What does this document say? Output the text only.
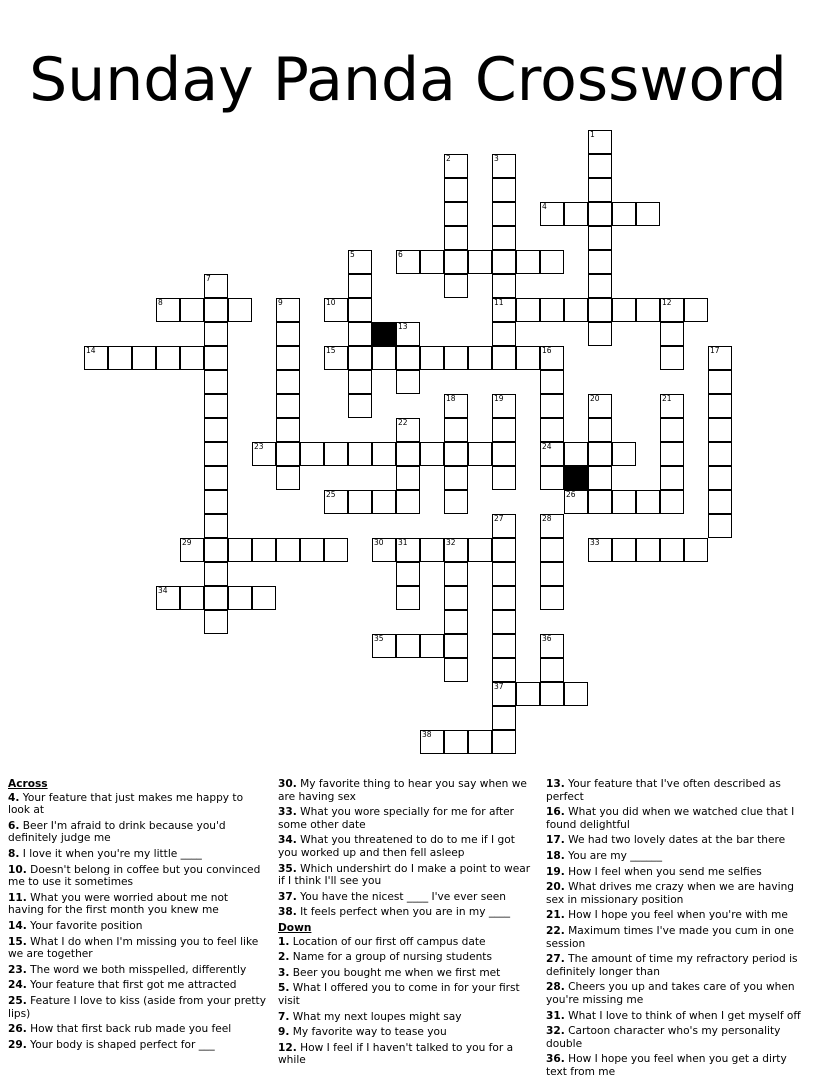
Sunday Panda Crossword
1
2	3
11
4
5	6
7
8	9	10	12
13
14	15	16
24
17
18	19	20	21
22
23
25	26
27
37
28
29	30 31	32	33
34
35	36
38
Across
4. Your feature that just makes me happy to look at
6. Beer I'm afraid to drink because you'd definitely judge me
8. I love it when you're my little ____
10. Doesn't belong in coffee but you convinced me to use it sometimes
11. What you were worried about me not having for the first month you knew me
14. Your favorite position
15. What I do when I'm missing you to feel like we are together
23. The word we both misspelled, differently
24. Your feature that first got me attracted
25. Feature I love to kiss (aside from your pretty lips)
26. How that first back rub made you feel
29. Your body is shaped perfect for ___
30. My favorite thing to hear you say when we are having sex
33. What you wore specially for me for after some other date
34. What you threatened to do to me if I got you worked up and then fell asleep
35. Which undershirt do I make a point to wear if I think I'll see you
37. You have the nicest ____ I've ever seen
38. It feels perfect when you are in my ____
Down
1. Location of our first off campus date
2. Name for a group of nursing students
3. Beer you bought me when we first met
5. What I offered you to come in for your first visit
7. What my next loupes might say
9. My favorite way to tease you
12. How I feel if I haven't talked to you for a while
13. Your feature that I've often described as perfect
16. What you did when we watched clue that I found delightful
17. We had two lovely dates at the bar there
18. You are my ______
19. How I feel when you send me selfies
20. What drives me crazy when we are having sex in missionary position
21. How I hope you feel when you're with me
22. Maximum times I've made you cum in one session
27. The amount of time my refractory period is definitely longer than
28. Cheers you up and takes care of you when you're missing me
31. What I love to think of when I get myself off
32. Cartoon character who's my personality double
36. How I hope you feel when you get a dirty text from me
